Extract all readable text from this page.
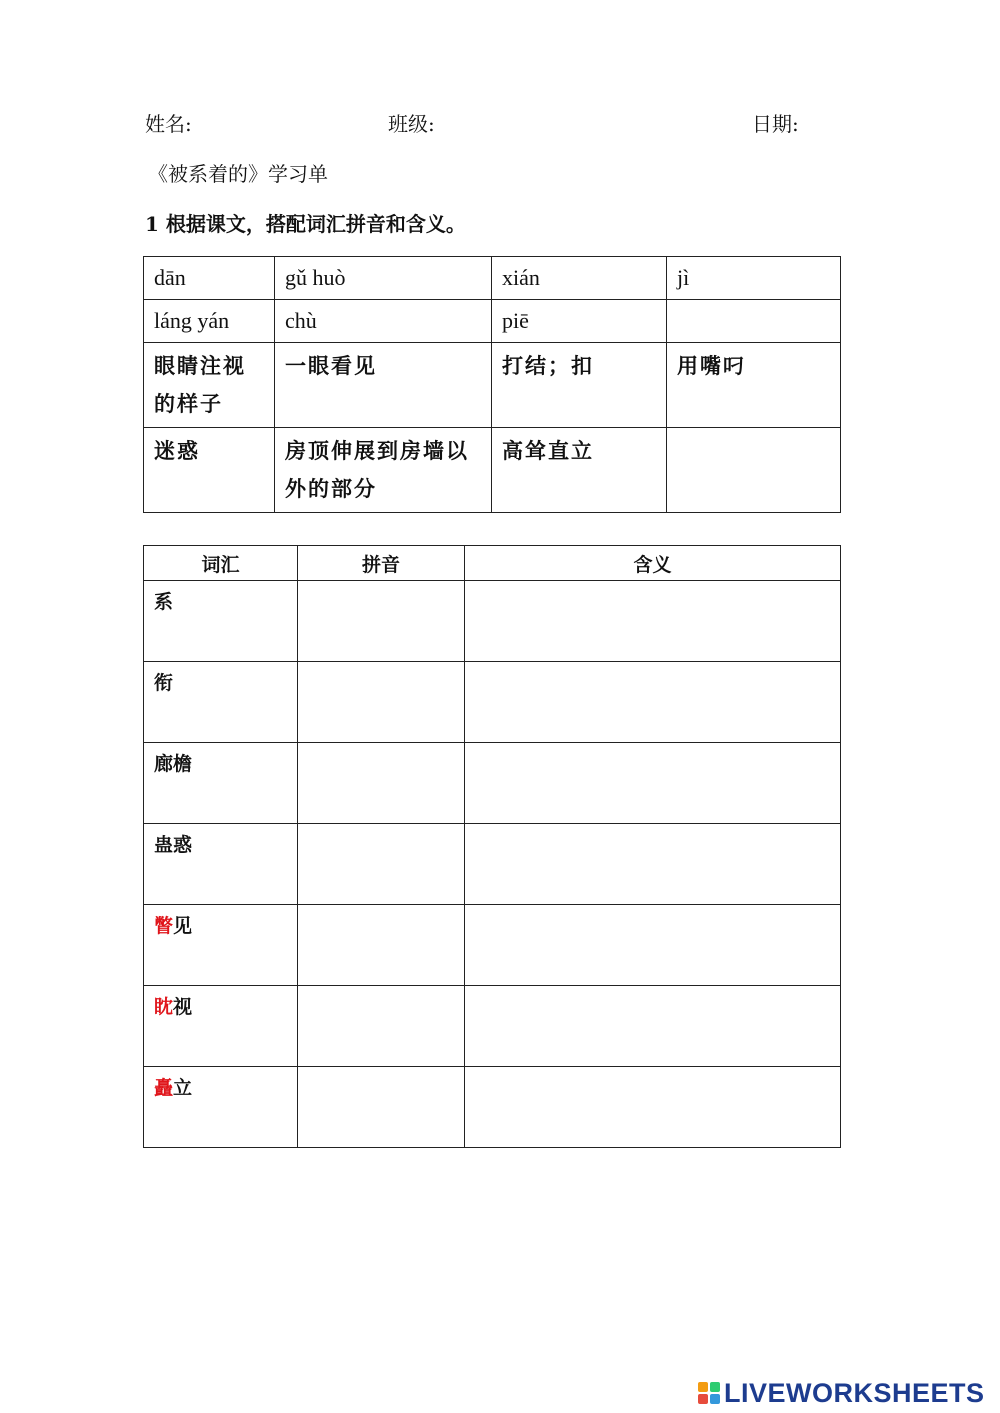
姓名:	班级:	日期:
《被系着的》学习单
1 根据课文，搭配词汇拼音和含义。
dān	gǔ huò	xián	jì
láng yán	chù	piē	
眼睛注视的样子	一眼看见	打结；扣	用嘴叼
迷惑	房顶伸展到房墙以外的部分	高耸直立	
词汇	拼音	含义
系		
衔		
廊檐		
蛊惑		
瞥见		
眈视		
矗立		
LIVEWORKSHEETS
